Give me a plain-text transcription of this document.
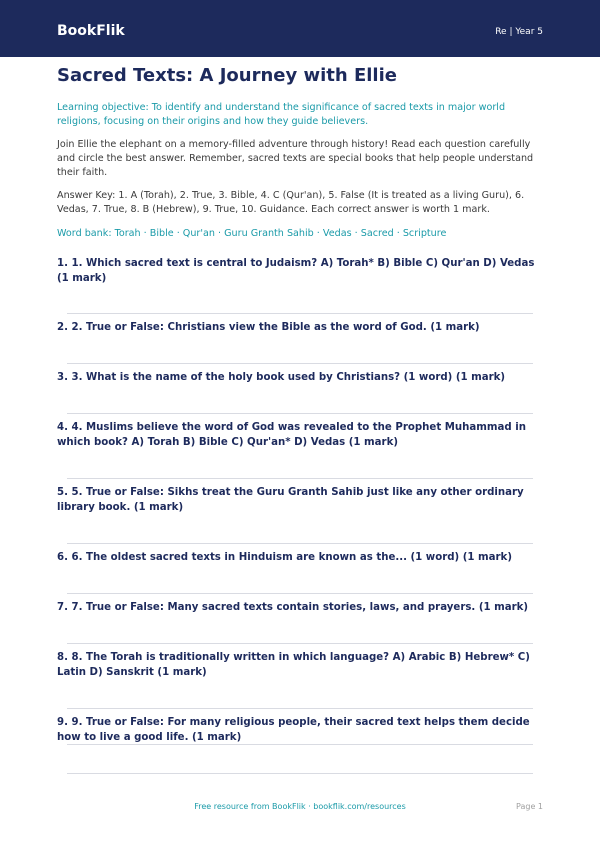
BookFlik	Re | Year 5
Sacred Texts: A Journey with Ellie

Learning objective: To identify and understand the significance of sacred texts in major world religions, focusing on their origins and how they guide believers.

Join Ellie the elephant on a memory-filled adventure through history! Read each question carefully and circle the best answer. Remember, sacred texts are special books that help people understand their faith.

Answer Key: 1. A (Torah), 2. True, 3. Bible, 4. C (Qur'an), 5. False (It is treated as a living Guru), 6. Vedas, 7. True, 8. B (Hebrew), 9. True, 10. Guidance. Each correct answer is worth 1 mark.

Word bank: Torah · Bible · Qur'an · Guru Granth Sahib · Vedas · Sacred · Scripture

1. 1. Which sacred text is central to Judaism? A) Torah* B) Bible C) Qur'an D) Vedas (1 mark)

2. 2. True or False: Christians view the Bible as the word of God. (1 mark)

3. 3. What is the name of the holy book used by Christians? (1 word) (1 mark)

4. 4. Muslims believe the word of God was revealed to the Prophet Muhammad in which book? A) Torah B) Bible C) Qur'an* D) Vedas (1 mark)

5. 5. True or False: Sikhs treat the Guru Granth Sahib just like any other ordinary library book. (1 mark)

6. 6. The oldest sacred texts in Hinduism are known as the... (1 word) (1 mark)

7. 7. True or False: Many sacred texts contain stories, laws, and prayers. (1 mark)

8. 8. The Torah is traditionally written in which language? A) Arabic B) Hebrew* C) Latin D) Sanskrit (1 mark)

9. 9. True or False: For many religious people, their sacred text helps them decide how to live a good life. (1 mark)

Free resource from BookFlik · bookflik.com/resources	Page 1
